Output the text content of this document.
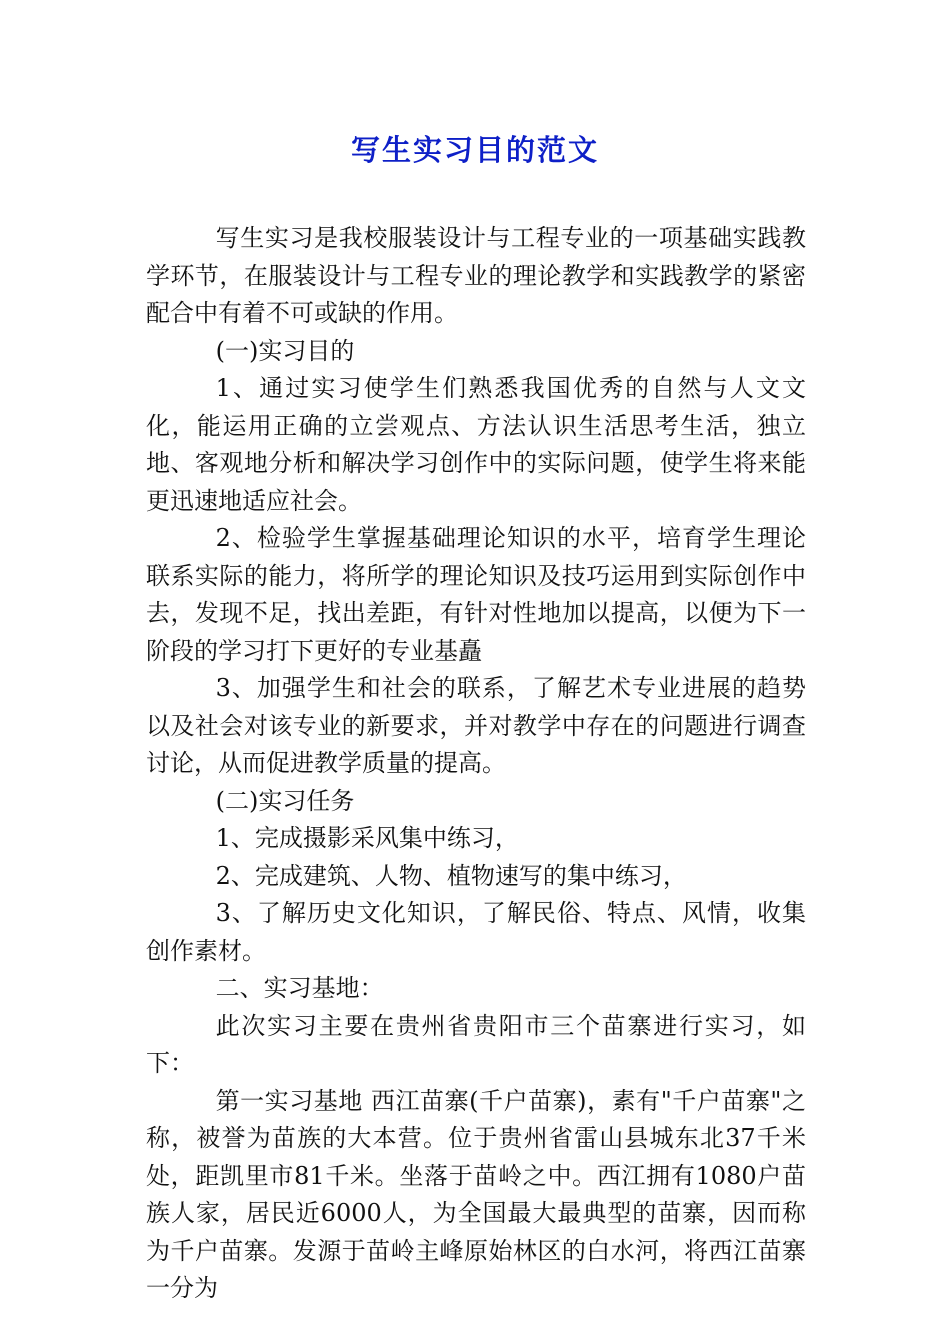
写生实习目的范文

写生实习是我校服装设计与工程专业的一项基础实践教学环节，在服装设计与工程专业的理论教学和实践教学的紧密配合中有着不可或缺的作用。

(一)实习目的

1、通过实习使学生们熟悉我国优秀的自然与人文文化，能运用正确的立尝观点、方法认识生活思考生活，独立地、客观地分析和解决学习创作中的实际问题，使学生将来能更迅速地适应社会。

2、检验学生掌握基础理论知识的水平，培育学生理论联系实际的能力，将所学的理论知识及技巧运用到实际创作中去，发现不足，找出差距，有针对性地加以提高，以便为下一阶段的学习打下更好的专业基矗

3、加强学生和社会的联系，了解艺术专业进展的趋势以及社会对该专业的新要求，并对教学中存在的问题进行调查讨论，从而促进教学质量的提高。

(二)实习任务

1、完成摄影采风集中练习，

2、完成建筑、人物、植物速写的集中练习，

3、了解历史文化知识，了解民俗、特点、风情，收集创作素材。

二、实习基地：

此次实习主要在贵州省贵阳市三个苗寨进行实习，如下：

第一实习基地 西江苗寨(千户苗寨)，素有"千户苗寨"之称，被誉为苗族的大本营。位于贵州省雷山县城东北37千米处，距凯里市81千米。坐落于苗岭之中。西江拥有1080户苗族人家，居民近6000人，为全国最大最典型的苗寨，因而称为千户苗寨。发源于苗岭主峰原始林区的白水河，将西江苗寨一分为
